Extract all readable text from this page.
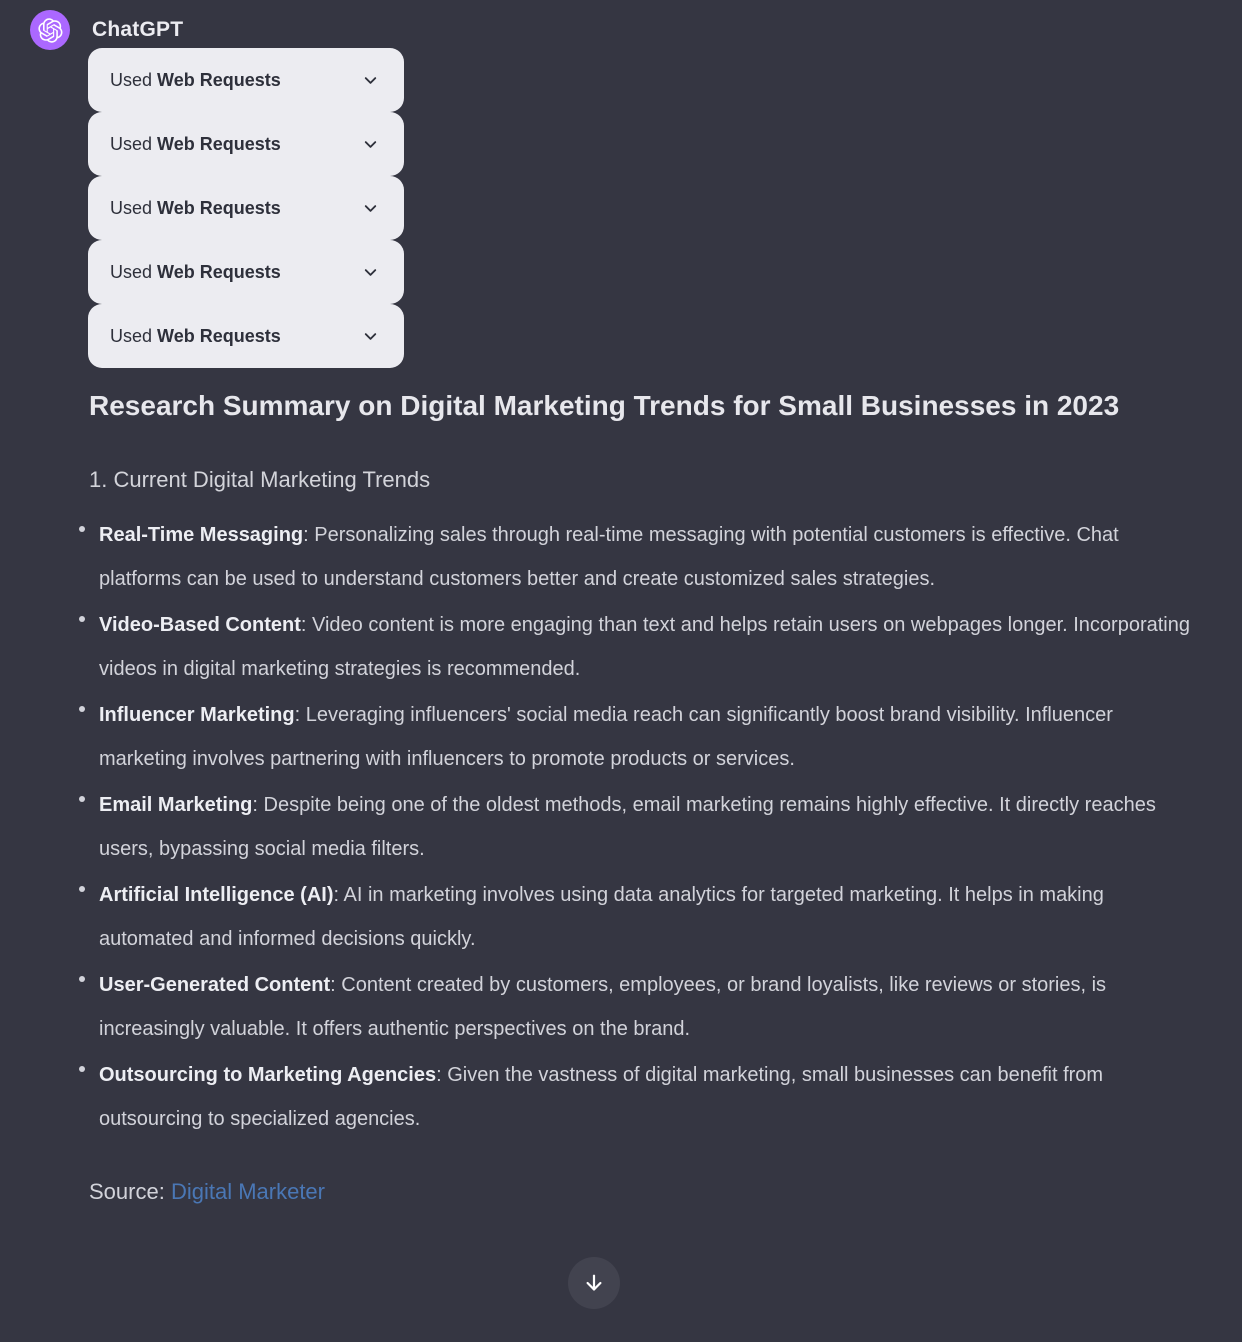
ChatGPT
Used Web Requests
Used Web Requests
Used Web Requests
Used Web Requests
Used Web Requests
Research Summary on Digital Marketing Trends for Small Businesses in 2023

1. Current Digital Marketing Trends

Real-Time Messaging: Personalizing sales through real-time messaging with potential customers is effective. Chat platforms can be used to understand customers better and create customized sales strategies.
Video-Based Content: Video content is more engaging than text and helps retain users on webpages longer. Incorporating videos in digital marketing strategies is recommended.
Influencer Marketing: Leveraging influencers' social media reach can significantly boost brand visibility. Influencer marketing involves partnering with influencers to promote products or services.
Email Marketing: Despite being one of the oldest methods, email marketing remains highly effective. It directly reaches users, bypassing social media filters.
Artificial Intelligence (AI): AI in marketing involves using data analytics for targeted marketing. It helps in making automated and informed decisions quickly.
User-Generated Content: Content created by customers, employees, or brand loyalists, like reviews or stories, is increasingly valuable. It offers authentic perspectives on the brand.
Outsourcing to Marketing Agencies: Given the vastness of digital marketing, small businesses can benefit from outsourcing to specialized agencies.
Source: Digital Marketer
